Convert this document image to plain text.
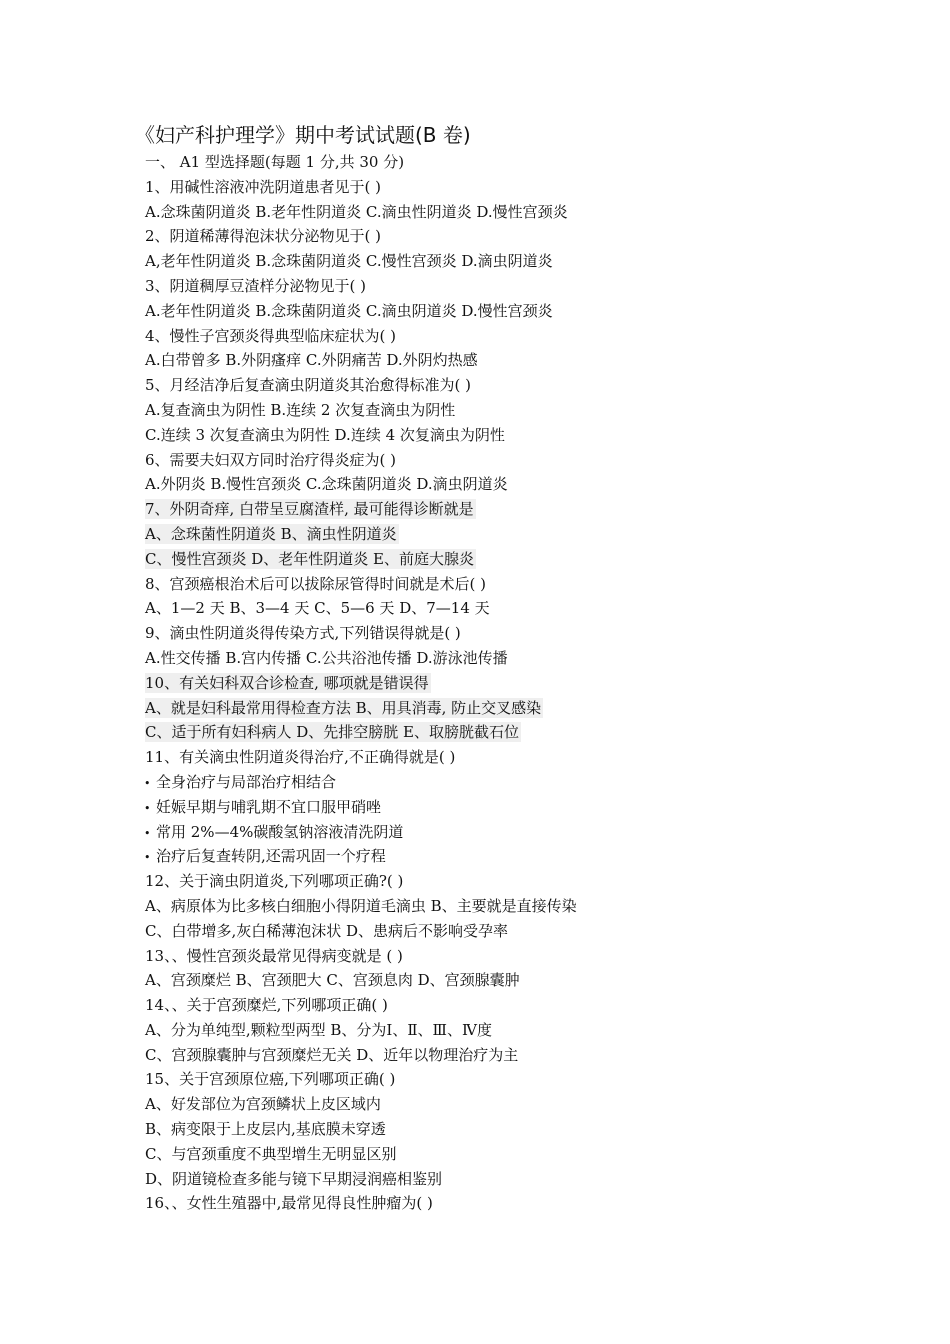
《妇产科护理学》期中考试试题(B 卷)
一、 A1 型选择题(每题 1 分,共 30 分)
1、用碱性溶液冲洗阴道患者见于( )
A.念珠菌阴道炎 B.老年性阴道炎 C.滴虫性阴道炎 D.慢性宫颈炎
2、阴道稀薄得泡沫状分泌物见于( )
A,老年性阴道炎 B.念珠菌阴道炎 C.慢性宫颈炎 D.滴虫阴道炎
3、阴道稠厚豆渣样分泌物见于( )
A.老年性阴道炎 B.念珠菌阴道炎 C.滴虫阴道炎 D.慢性宫颈炎
4、慢性子宫颈炎得典型临床症状为( )
A.白带曾多 B.外阴瘙痒 C.外阴痛苦 D.外阴灼热感
5、月经洁净后复查滴虫阴道炎其治愈得标准为( )
A.复查滴虫为阴性 B.连续 2 次复查滴虫为阴性
C.连续 3 次复查滴虫为阴性 D.连续 4 次复滴虫为阴性
6、需要夫妇双方同时治疗得炎症为( )
A.外阴炎 B.慢性宫颈炎 C.念珠菌阴道炎 D.滴虫阴道炎
7、外阴奇痒, 白带呈豆腐渣样, 最可能得诊断就是
A、念珠菌性阴道炎 B、滴虫性阴道炎
C、慢性宫颈炎 D、老年性阴道炎 E、前庭大腺炎
8、宫颈癌根治术后可以拔除尿管得时间就是术后( )
A、1—2 天 B、3—4 天 C、5—6 天 D、7—14 天
9、滴虫性阴道炎得传染方式,下列错误得就是( )
A.性交传播 B.宫内传播 C.公共浴池传播 D.游泳池传播
10、有关妇科双合诊检查, 哪项就是错误得
A、就是妇科最常用得检查方法 B、用具消毒, 防止交叉感染
C、适于所有妇科病人 D、先排空膀胱 E、取膀胱截石位
11、有关滴虫性阴道炎得治疗,不正确得就是( )
• 全身治疗与局部治疗相结合
• 妊娠早期与哺乳期不宜口服甲硝唑
• 常用 2%—4%碳酸氢钠溶液清洗阴道
• 治疗后复查转阴,还需巩固一个疗程
12、关于滴虫阴道炎,下列哪项正确?( )
A、病原体为比多核白细胞小得阴道毛滴虫 B、主要就是直接传染
C、白带增多,灰白稀薄泡沫状 D、患病后不影响受孕率
13、、慢性宫颈炎最常见得病变就是 ( )
A、宫颈糜烂 B、宫颈肥大 C、宫颈息肉 D、宫颈腺囊肿
14、、关于宫颈糜烂,下列哪项正确( )
A、分为单纯型,颗粒型两型 B、分为Ⅰ、Ⅱ、Ⅲ、Ⅳ度
C、宫颈腺囊肿与宫颈糜烂无关 D、近年以物理治疗为主
15、关于宫颈原位癌,下列哪项正确( )
A、好发部位为宫颈鳞状上皮区域内
B、病变限于上皮层内,基底膜未穿透
C、与宫颈重度不典型增生无明显区别
D、阴道镜检查多能与镜下早期浸润癌相鉴别
16、、女性生殖器中,最常见得良性肿瘤为( )
